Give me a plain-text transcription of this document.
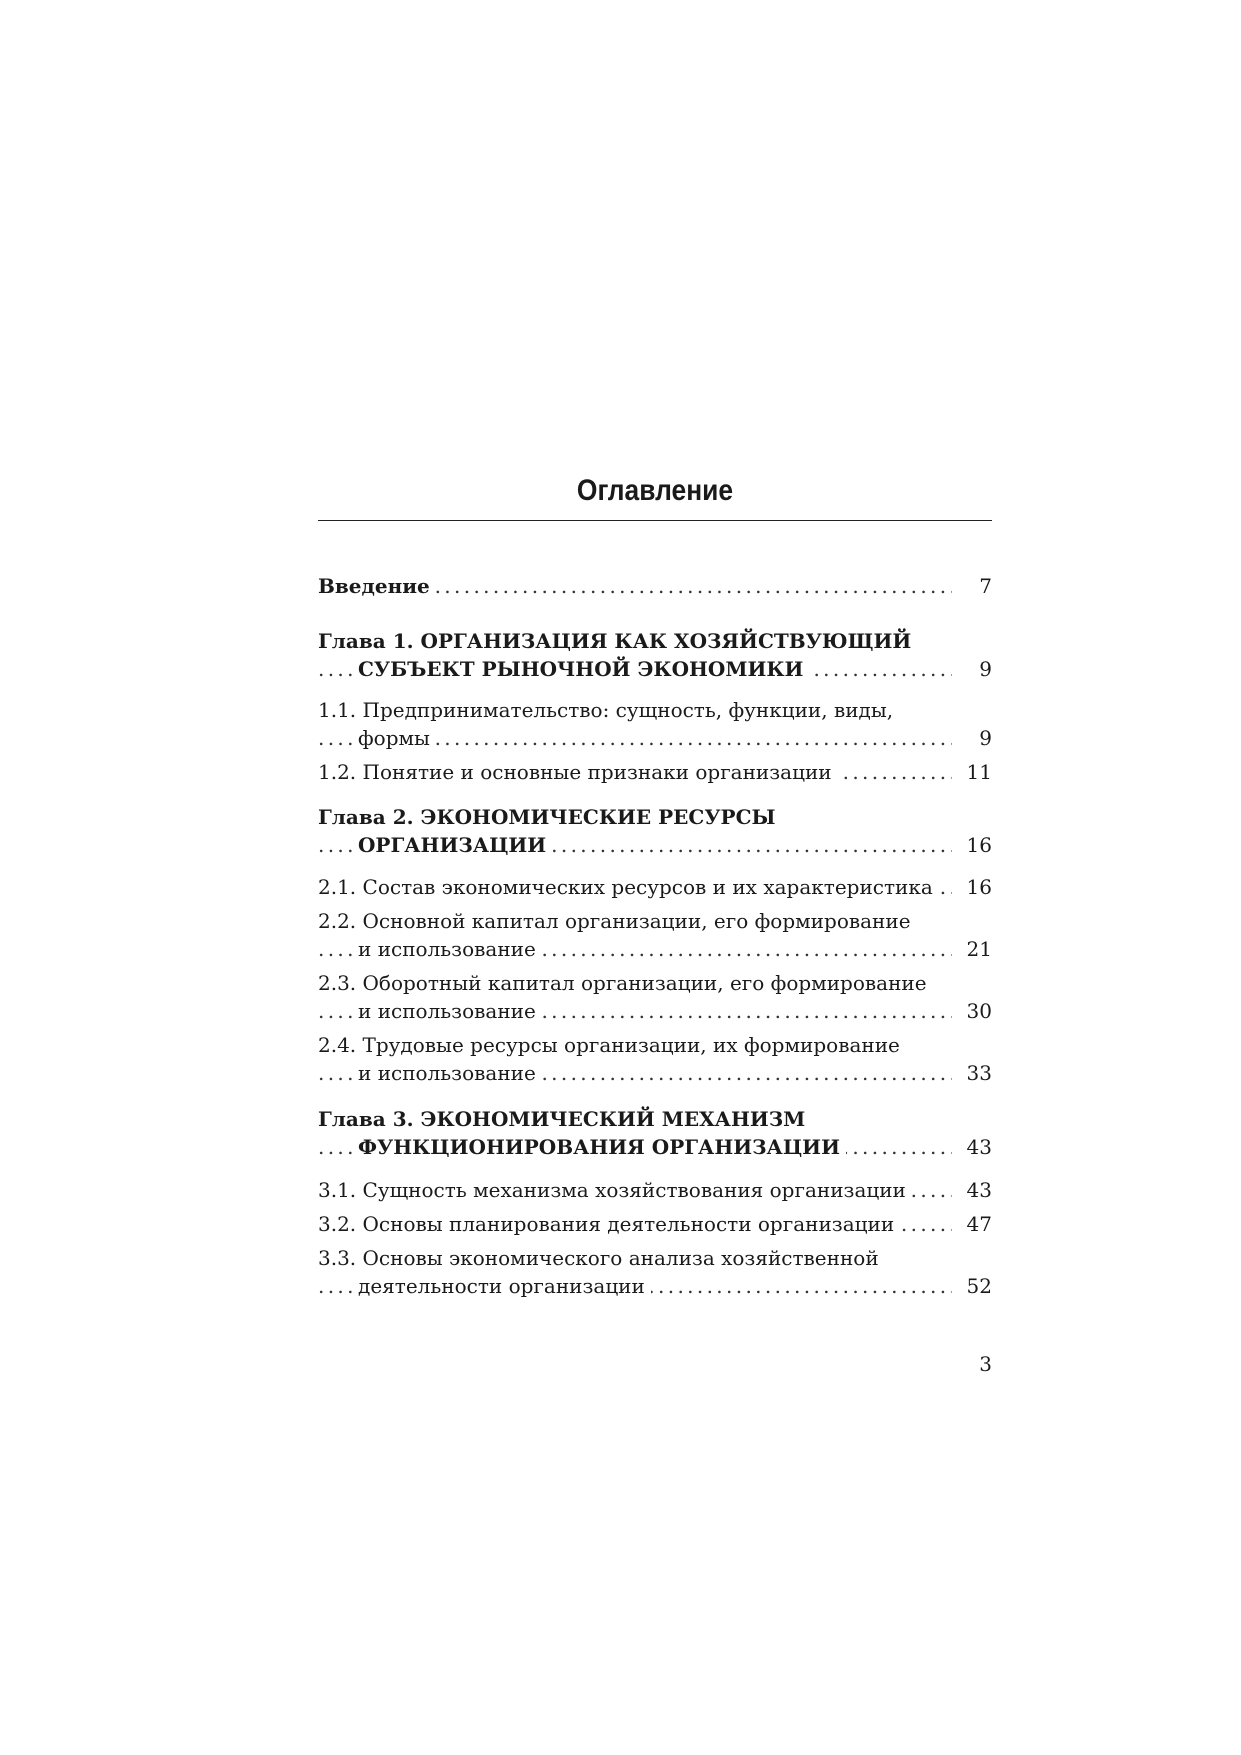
Оглавление
. . .
Введение	7
Глава 1. ОРГАНИЗАЦИЯ КАК ХОЗЯЙСТВУЮЩИЙ
. . .
СУБЪЕКТ РЫНОЧНОЙ ЭКОНОМИКИ	9
1.1. Предпринимательство: сущность, функции, виды,
. . .
формы	9
. . .
1.2. Понятие и основные признаки организации	11
Глава 2. ЭКОНОМИЧЕСКИЕ РЕСУРСЫ
. . .
ОРГАНИЗАЦИИ	16
. . .
2.1. Состав экономических ресурсов и их характеристика	16
2.2. Основной капитал организации, его формирование
. . .
и использование	21
2.3. Оборотный капитал организации, его формирование
. . .
и использование	30
2.4. Трудовые ресурсы организации, их формирование
. . .
и использование	33
Глава 3. ЭКОНОМИЧЕСКИЙ МЕХАНИЗМ
. . .
ФУНКЦИОНИРОВАНИЯ ОРГАНИЗАЦИИ	43
. . .
3.1. Сущность механизма хозяйствования организации	43
. . .
3.2. Основы планирования деятельности организации	47
3.3. Основы экономического анализа хозяйственной
. . .
деятельности организации	52
3
